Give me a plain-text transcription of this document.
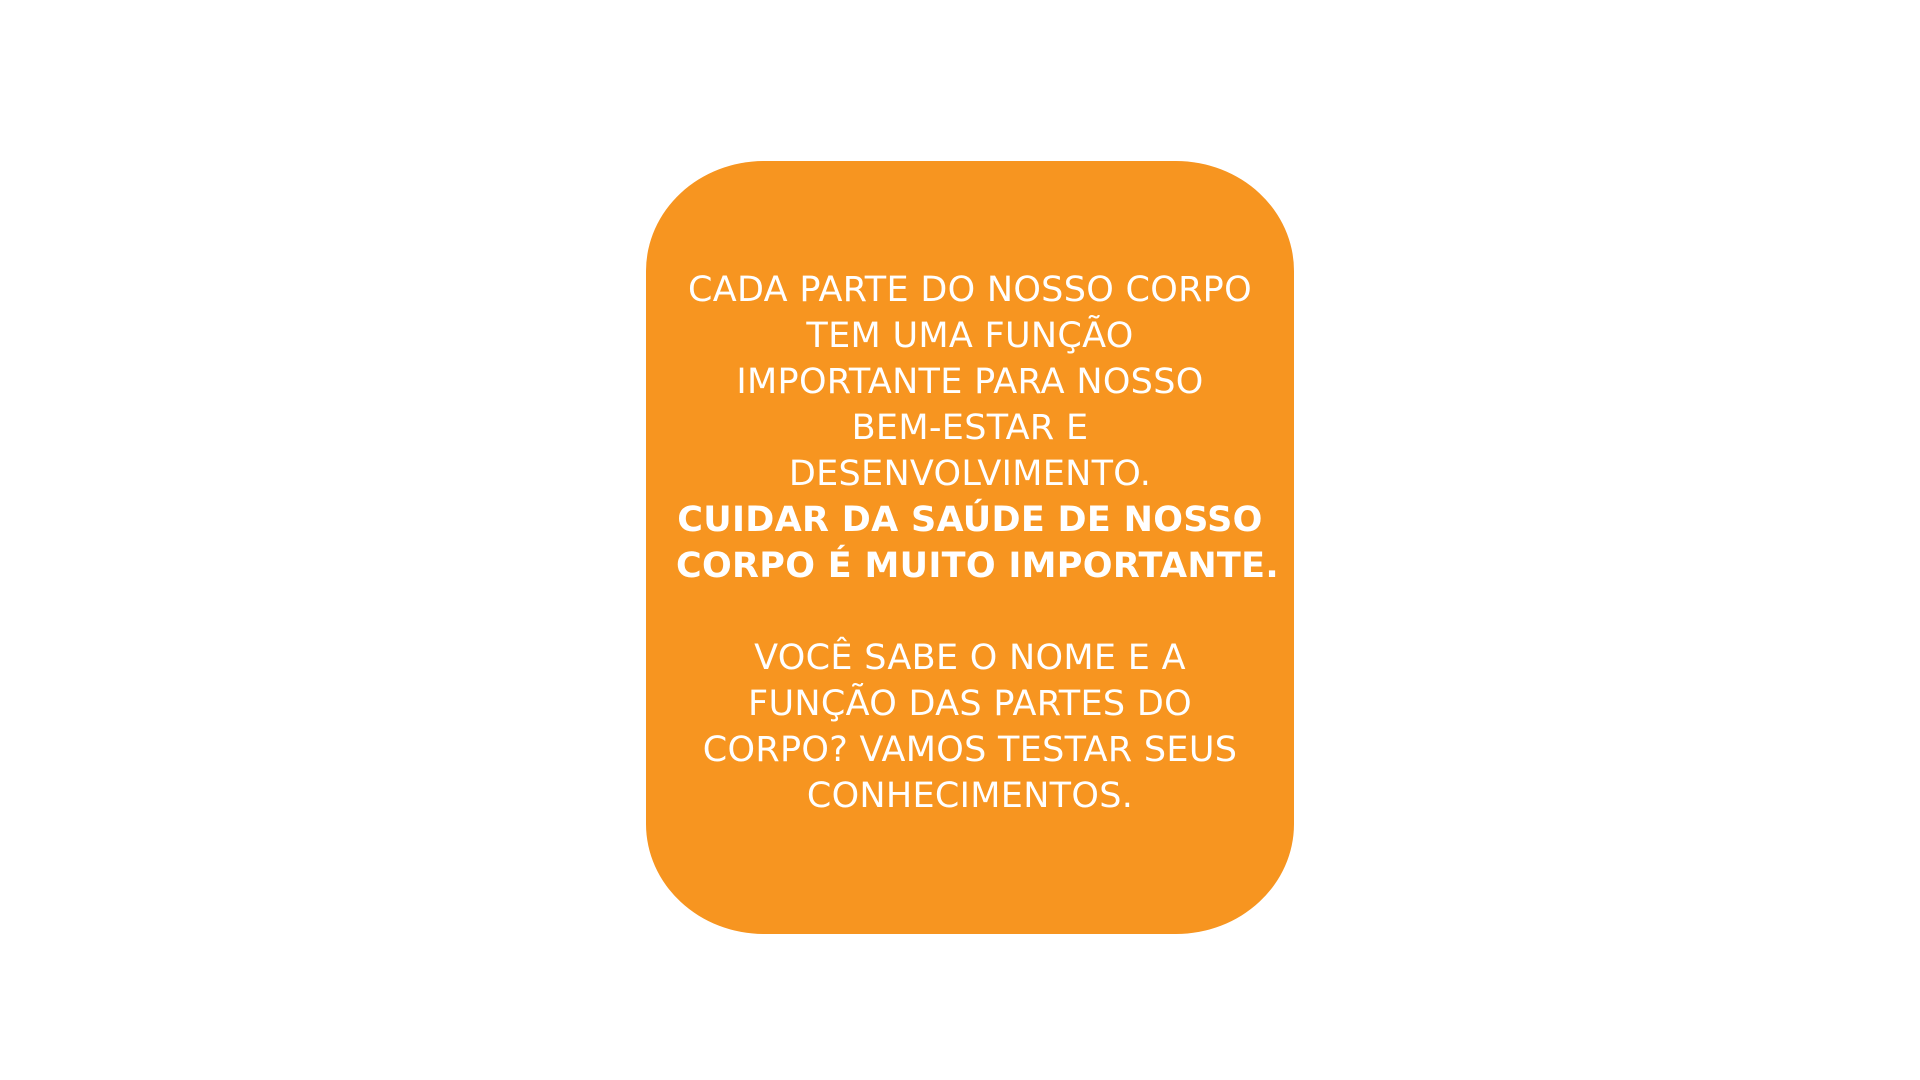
CADA PARTE DO NOSSO CORPO
TEM UMA FUNÇÃO
IMPORTANTE PARA NOSSO
BEM-ESTAR E
DESENVOLVIMENTO.

CUIDAR DA SAÚDE DE NOSSO
CORPO É MUITO IMPORTANTE.

VOCÊ SABE O NOME E A
FUNÇÃO DAS PARTES DO
CORPO? VAMOS TESTAR SEUS
CONHECIMENTOS.
